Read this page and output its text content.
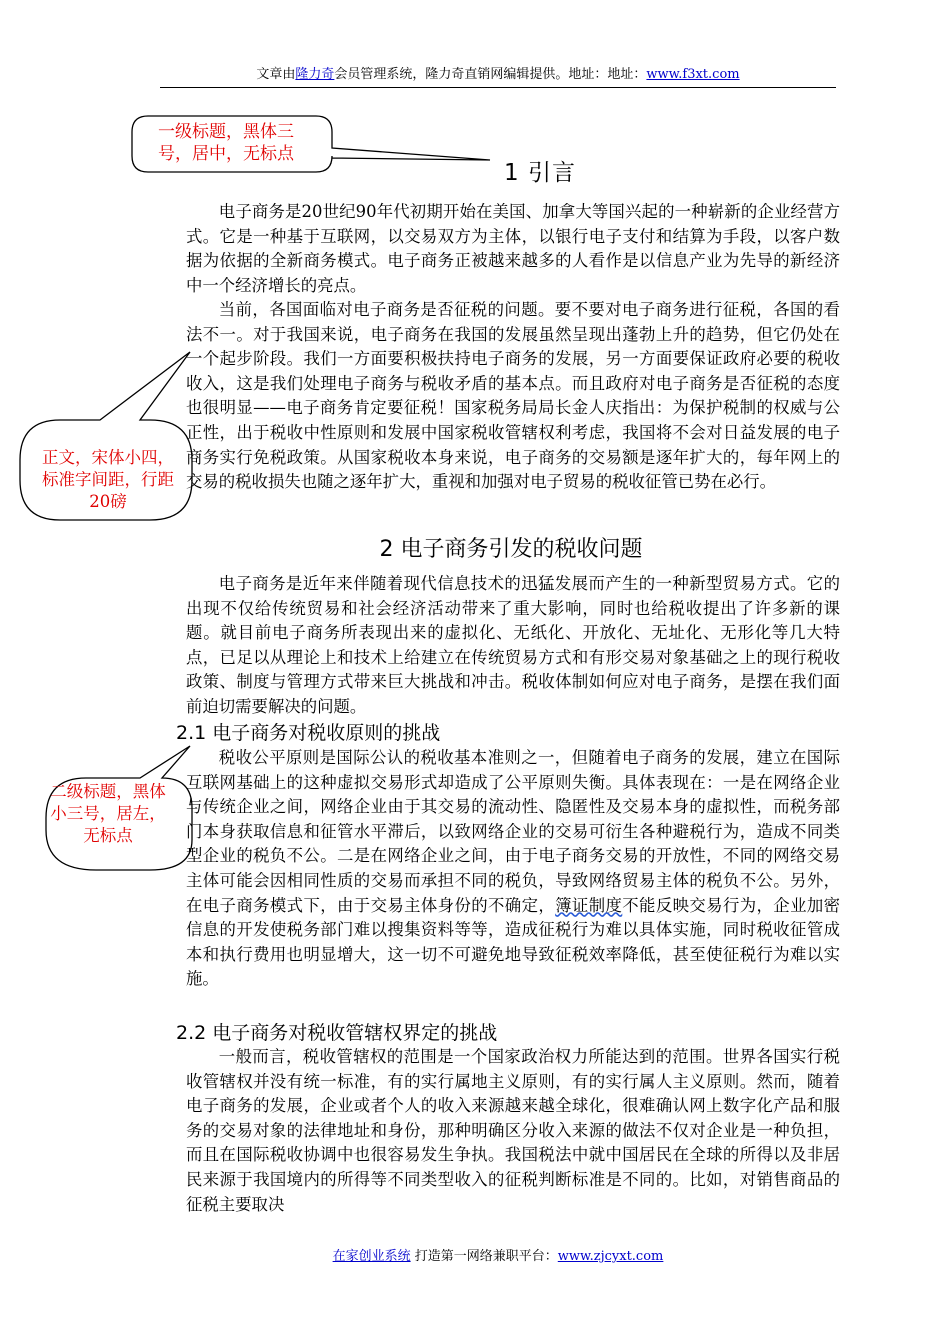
文章由隆力奇会员管理系统，隆力奇直销网编辑提供。地址：地址：www.f3xt.com
一级标题，黑体三号，居中，无标点
正文，宋体小四，标准字间距，行距20磅
二级标题，黑体小三号，居左，无标点
1 引言

电子商务是20世纪90年代初期开始在美国、加拿大等国兴起的一种崭新的企业经营方式。它是一种基于互联网，以交易双方为主体，以银行电子支付和结算为手段，以客户数据为依据的全新商务模式。电子商务正被越来越多的人看作是以信息产业为先导的新经济中一个经济增长的亮点。

当前，各国面临对电子商务是否征税的问题。要不要对电子商务进行征税，各国的看法不一。对于我国来说，电子商务在我国的发展虽然呈现出蓬勃上升的趋势，但它仍处在一个起步阶段。我们一方面要积极扶持电子商务的发展，另一方面要保证政府必要的税收收入，这是我们处理电子商务与税收矛盾的基本点。而且政府对电子商务是否征税的态度也很明显——电子商务肯定要征税！国家税务局局长金人庆指出：为保护税制的权威与公正性，出于税收中性原则和发展中国家税收管辖权利考虑，我国将不会对日益发展的电子商务实行免税政策。从国家税收本身来说，电子商务的交易额是逐年扩大的，每年网上的交易的税收损失也随之逐年扩大，重视和加强对电子贸易的税收征管已势在必行。

2 电子商务引发的税收问题

电子商务是近年来伴随着现代信息技术的迅猛发展而产生的一种新型贸易方式。它的出现不仅给传统贸易和社会经济活动带来了重大影响，同时也给税收提出了许多新的课题。就目前电子商务所表现出来的虚拟化、无纸化、开放化、无址化、无形化等几大特点，已足以从理论上和技术上给建立在传统贸易方式和有形交易对象基础之上的现行税收政策、制度与管理方式带来巨大挑战和冲击。税收体制如何应对电子商务，是摆在我们面前迫切需要解决的问题。

2.1 电子商务对税收原则的挑战

税收公平原则是国际公认的税收基本准则之一，但随着电子商务的发展，建立在国际互联网基础上的这种虚拟交易形式却造成了公平原则失衡。具体表现在：一是在网络企业与传统企业之间，网络企业由于其交易的流动性、隐匿性及交易本身的虚拟性，而税务部门本身获取信息和征管水平滞后，以致网络企业的交易可衍生各种避税行为，造成不同类型企业的税负不公。二是在网络企业之间，由于电子商务交易的开放性，不同的网络交易主体可能会因相同性质的交易而承担不同的税负，导致网络贸易主体的税负不公。另外，在电子商务模式下，由于交易主体身份的不确定，簿证制度不能反映交易行为，企业加密信息的开发使税务部门难以搜集资料等等，造成征税行为难以具体实施，同时税收征管成本和执行费用也明显增大，这一切不可避免地导致征税效率降低，甚至使征税行为难以实施。

2.2 电子商务对税收管辖权界定的挑战

一般而言，税收管辖权的范围是一个国家政治权力所能达到的范围。世界各国实行税收管辖权并没有统一标准，有的实行属地主义原则，有的实行属人主义原则。然而，随着电子商务的发展，企业或者个人的收入来源越来越全球化，很难确认网上数字化产品和服务的交易对象的法律地址和身份，那种明确区分收入来源的做法不仅对企业是一种负担，而且在国际税收协调中也很容易发生争执。我国税法中就中国居民在全球的所得以及非居民来源于我国境内的所得等不同类型收入的征税判断标准是不同的。比如，对销售商品的征税主要取决

在家创业系统 打造第一网络兼职平台：www.zjcyxt.com
